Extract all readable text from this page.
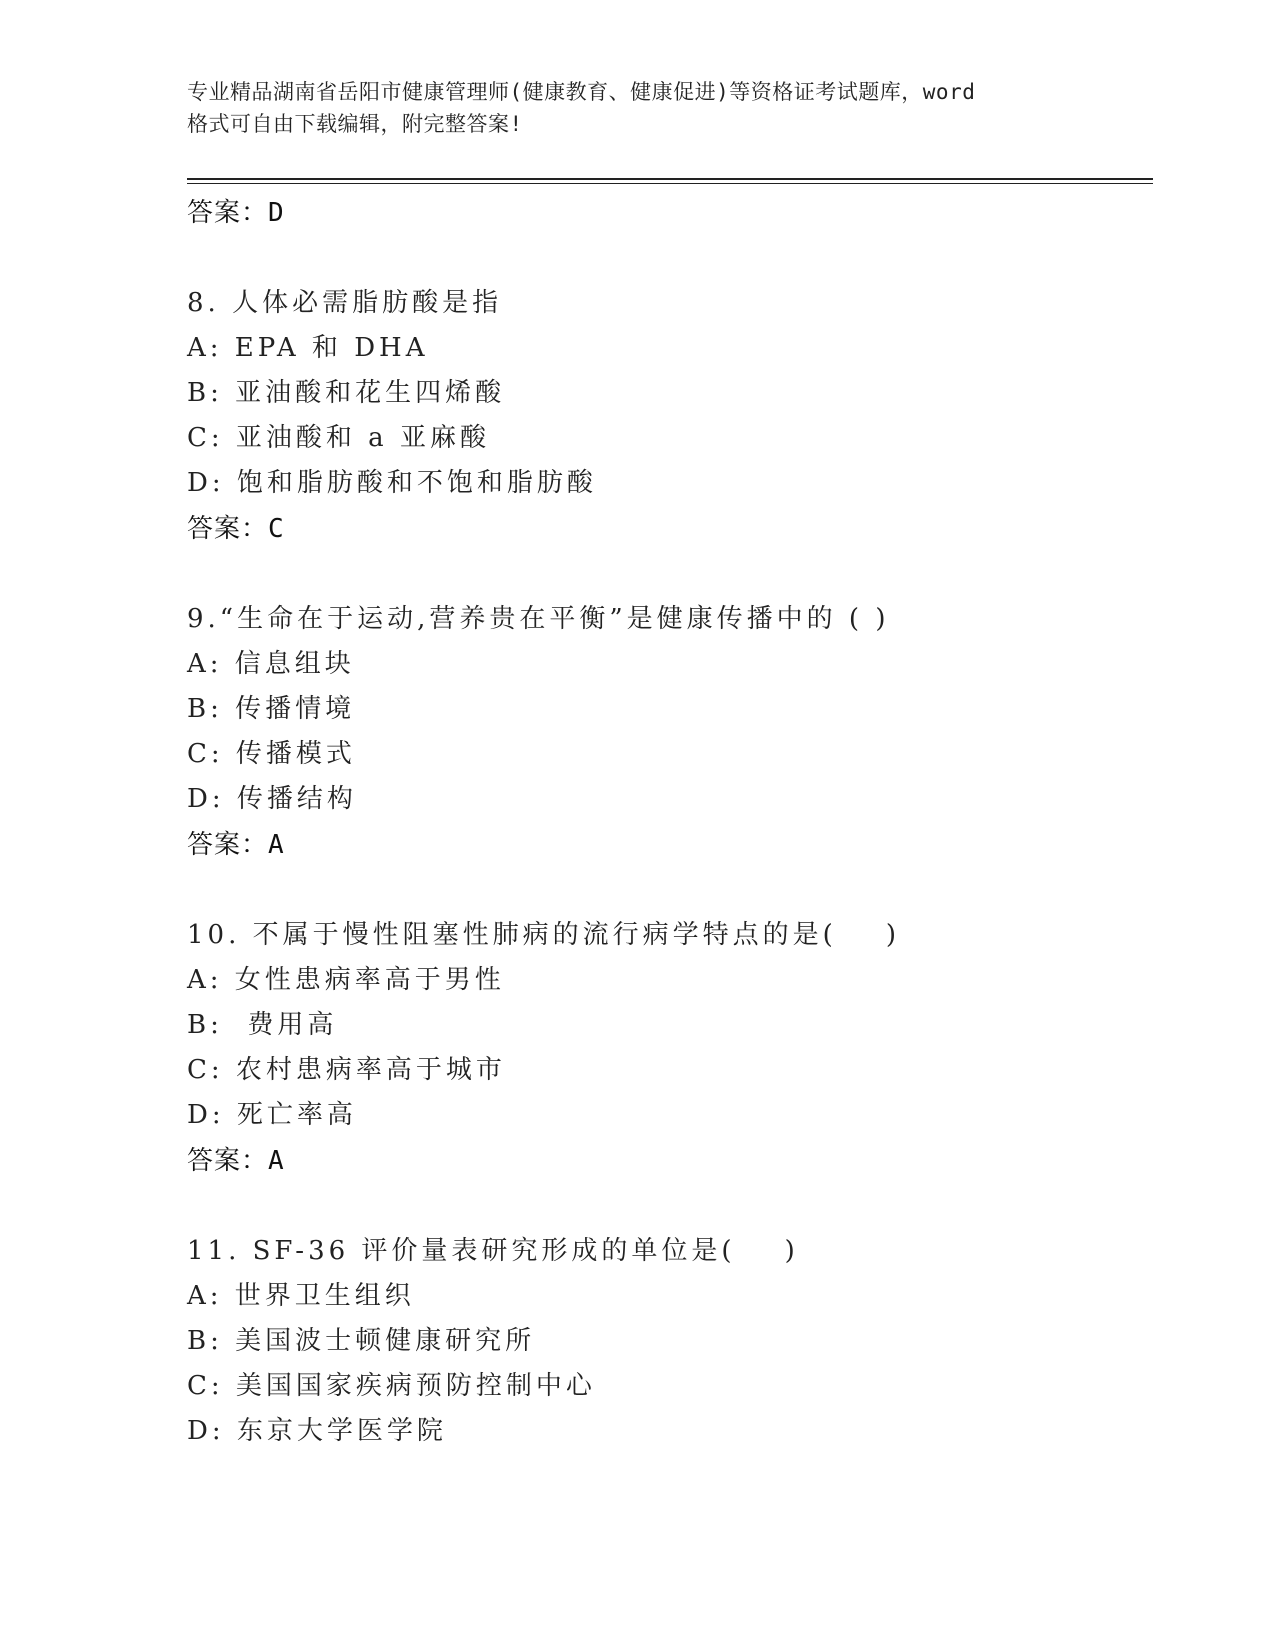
专业精品湖南省岳阳市健康管理师(健康教育、健康促进)等资格证考试题库，word
格式可自由下载编辑，附完整答案!
答案：D
8. 人体必需脂肪酸是指
A: EPA 和 DHA
B: 亚油酸和花生四烯酸
C: 亚油酸和 a 亚麻酸
D: 饱和脂肪酸和不饱和脂肪酸
答案：C
9.“生命在于运动,营养贵在平衡”是健康传播中的 ( )
A: 信息组块
B: 传播情境
C: 传播模式
D: 传播结构
答案：A
10. 不属于慢性阻塞性肺病的流行病学特点的是(    )
A: 女性患病率高于男性
B:  费用高
C: 农村患病率高于城市
D: 死亡率高
答案：A
11. SF-36 评价量表研究形成的单位是(    )
A: 世界卫生组织
B: 美国波士顿健康研究所
C: 美国国家疾病预防控制中心
D: 东京大学医学院
